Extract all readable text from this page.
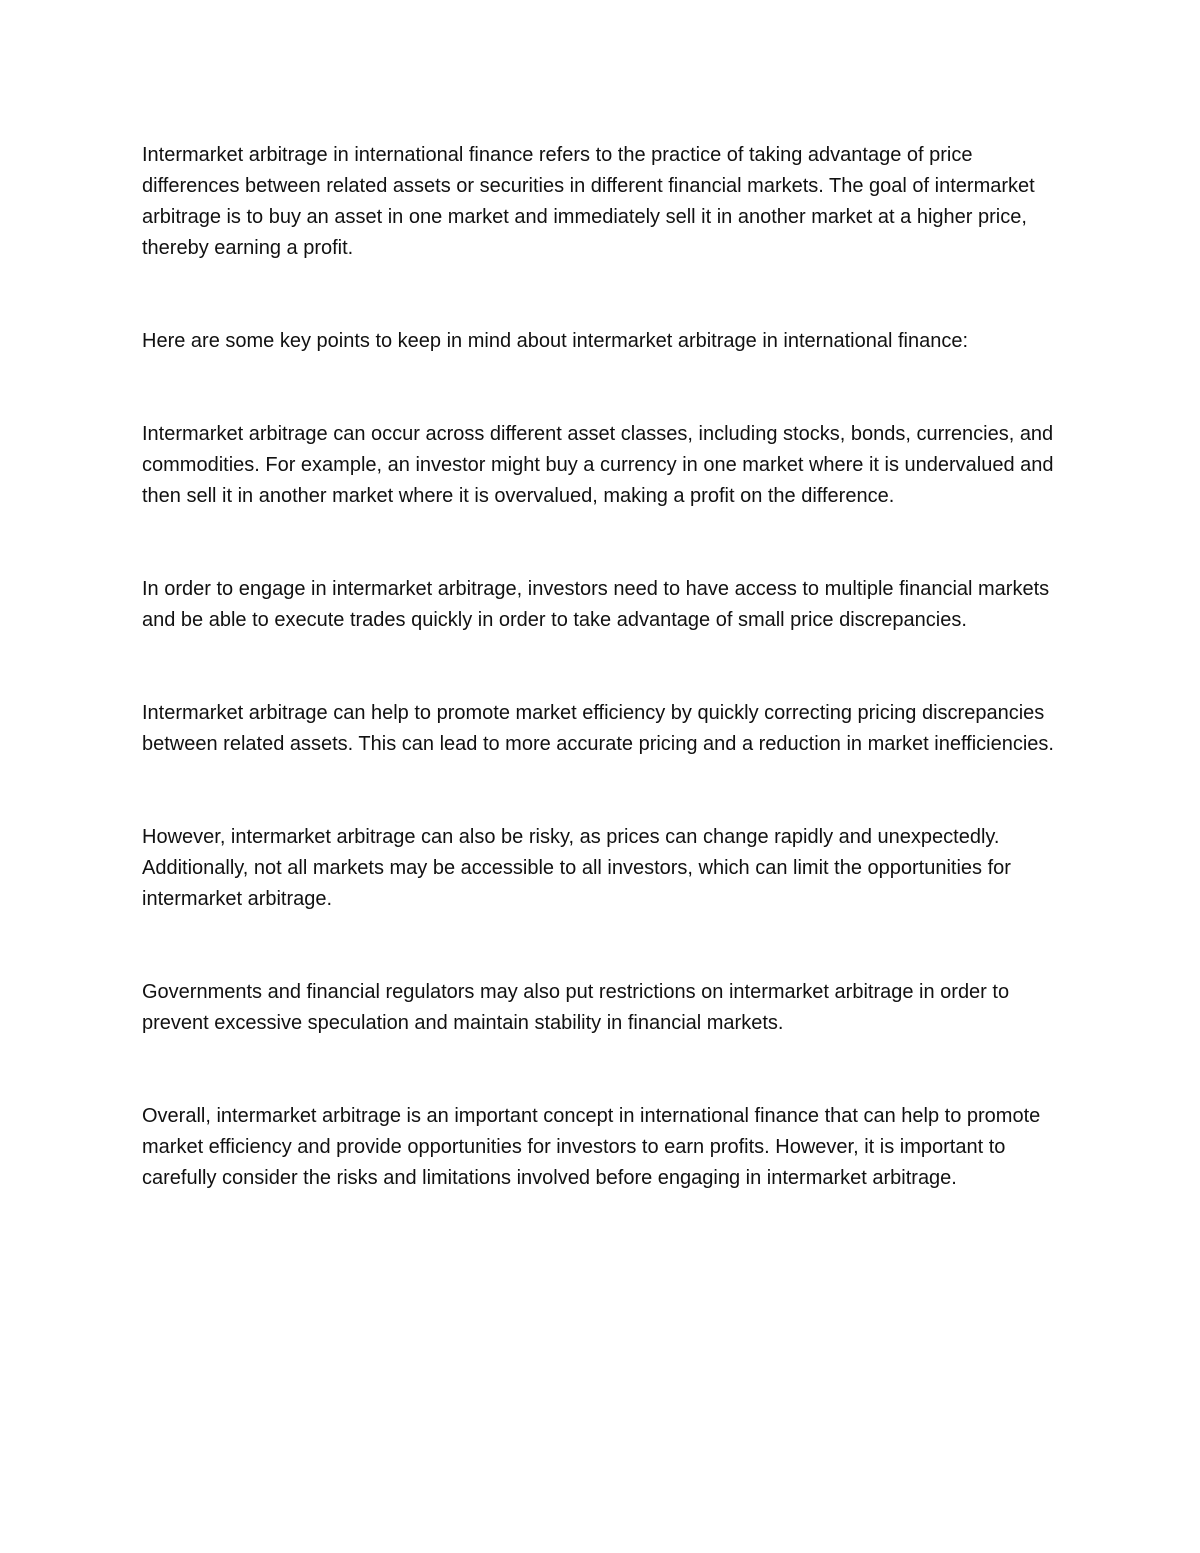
Intermarket arbitrage in international finance refers to the practice of taking advantage of price differences between related assets or securities in different financial markets. The goal of intermarket arbitrage is to buy an asset in one market and immediately sell it in another market at a higher price, thereby earning a profit.

Here are some key points to keep in mind about intermarket arbitrage in international finance:

Intermarket arbitrage can occur across different asset classes, including stocks, bonds, currencies, and commodities. For example, an investor might buy a currency in one market where it is undervalued and then sell it in another market where it is overvalued, making a profit on the difference.

In order to engage in intermarket arbitrage, investors need to have access to multiple financial markets and be able to execute trades quickly in order to take advantage of small price discrepancies.

Intermarket arbitrage can help to promote market efficiency by quickly correcting pricing discrepancies between related assets. This can lead to more accurate pricing and a reduction in market inefficiencies.

However, intermarket arbitrage can also be risky, as prices can change rapidly and unexpectedly. Additionally, not all markets may be accessible to all investors, which can limit the opportunities for intermarket arbitrage.

Governments and financial regulators may also put restrictions on intermarket arbitrage in order to prevent excessive speculation and maintain stability in financial markets.

Overall, intermarket arbitrage is an important concept in international finance that can help to promote market efficiency and provide opportunities for investors to earn profits. However, it is important to carefully consider the risks and limitations involved before engaging in intermarket arbitrage.
